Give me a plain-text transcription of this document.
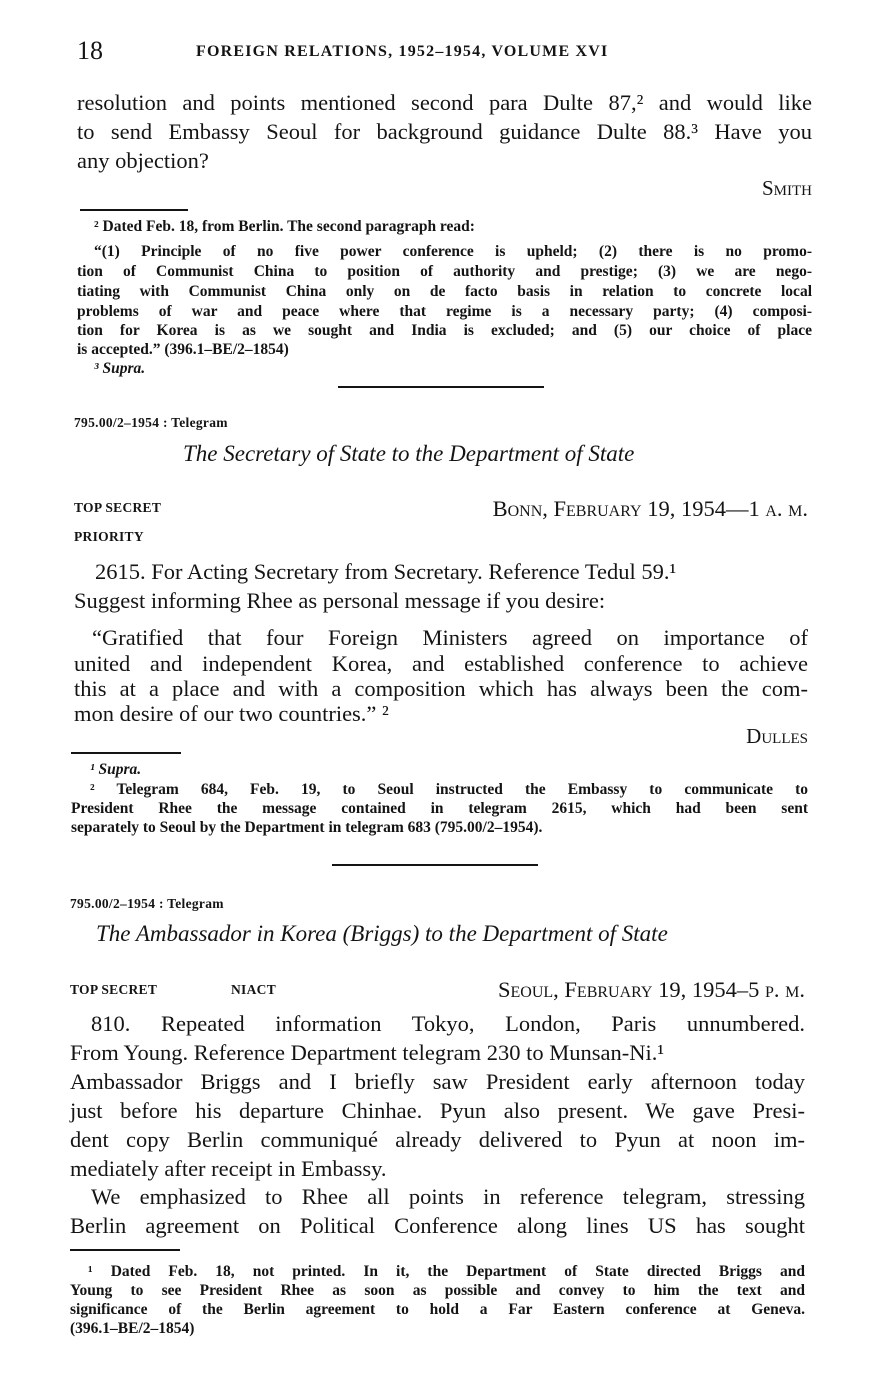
18	FOREIGN RELATIONS, 1952–1954, VOLUME XVI
resolution and points mentioned second para Dulte 87,² and would like
to send Embassy Seoul for background guidance Dulte 88.³ Have you
any objection?
Smith
² Dated Feb. 18, from Berlin. The second paragraph read:
“(1) Principle of no five power conference is upheld; (2) there is no promo-
tion of Communist China to position of authority and prestige; (3) we are nego-
tiating with Communist China only on de facto basis in relation to concrete local
problems of war and peace where that regime is a necessary party; (4) composi-
tion for Korea is as we sought and India is excluded; and (5) our choice of place
is accepted.” (396.1–BE/2–1854)
³ Supra.
795.00/2–1954 : Telegram
The Secretary of State to the Department of State
TOP SECRET	Bonn, February 19, 1954—1 a. m.
PRIORITY
2615. For Acting Secretary from Secretary. Reference Tedul 59.¹
Suggest informing Rhee as personal message if you desire:
“Gratified that four Foreign Ministers agreed on importance of
united and independent Korea, and established conference to achieve
this at a place and with a composition which has always been the com-
mon desire of our two countries.” ²
Dulles
¹ Supra.
² Telegram 684, Feb. 19, to Seoul instructed the Embassy to communicate to
President Rhee the message contained in telegram 2615, which had been sent
separately to Seoul by the Department in telegram 683 (795.00/2–1954).
795.00/2–1954 : Telegram
The Ambassador in Korea (Briggs) to the Department of State
TOP SECRET	NIACT	Seoul, February 19, 1954–5 p. m.
810. Repeated information Tokyo, London, Paris unnumbered.
From Young. Reference Department telegram 230 to Munsan-Ni.¹
Ambassador Briggs and I briefly saw President early afternoon today
just before his departure Chinhae. Pyun also present. We gave Presi-
dent copy Berlin communiqué already delivered to Pyun at noon im-
mediately after receipt in Embassy.
We emphasized to Rhee all points in reference telegram, stressing
Berlin agreement on Political Conference along lines US has sought
¹ Dated Feb. 18, not printed. In it, the Department of State directed Briggs and
Young to see President Rhee as soon as possible and convey to him the text and
significance of the Berlin agreement to hold a Far Eastern conference at Geneva.
(396.1–BE/2–1854)
